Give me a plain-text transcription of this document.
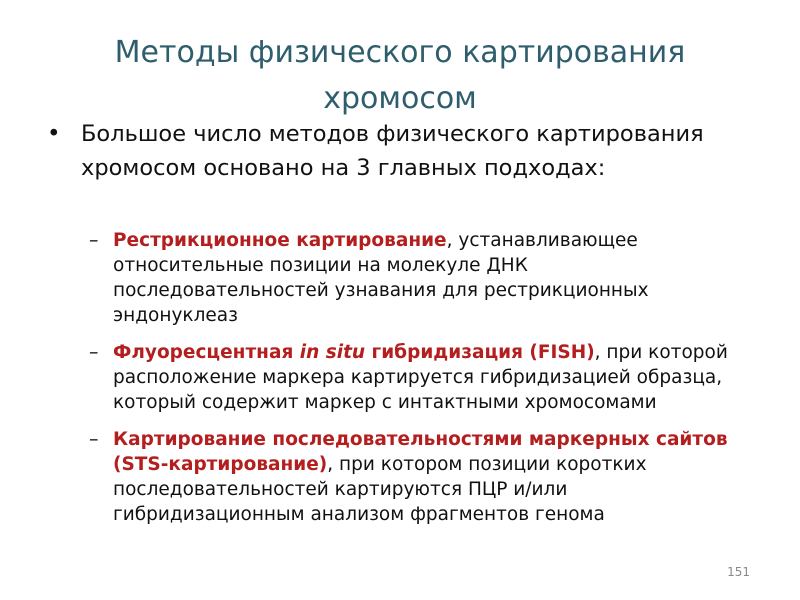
Методы физического картирования хромосом
• Большое число методов физического картирования хромосом основано на 3 главных подходах:
– Рестрикционное картирование, устанавливающее относительные позиции на молекуле ДНК последовательностей узнавания для рестрикционных эндонуклеаз
– Флуоресцентная in situ гибридизация (FISH), при которой расположение маркера картируется гибридизацией образца, который содержит маркер с интактными хромосомами
– Картирование последовательностями маркерных сайтов (STS-картирование), при котором позиции коротких последовательностей картируются ПЦР и/или гибридизационным анализом фрагментов генома
151
